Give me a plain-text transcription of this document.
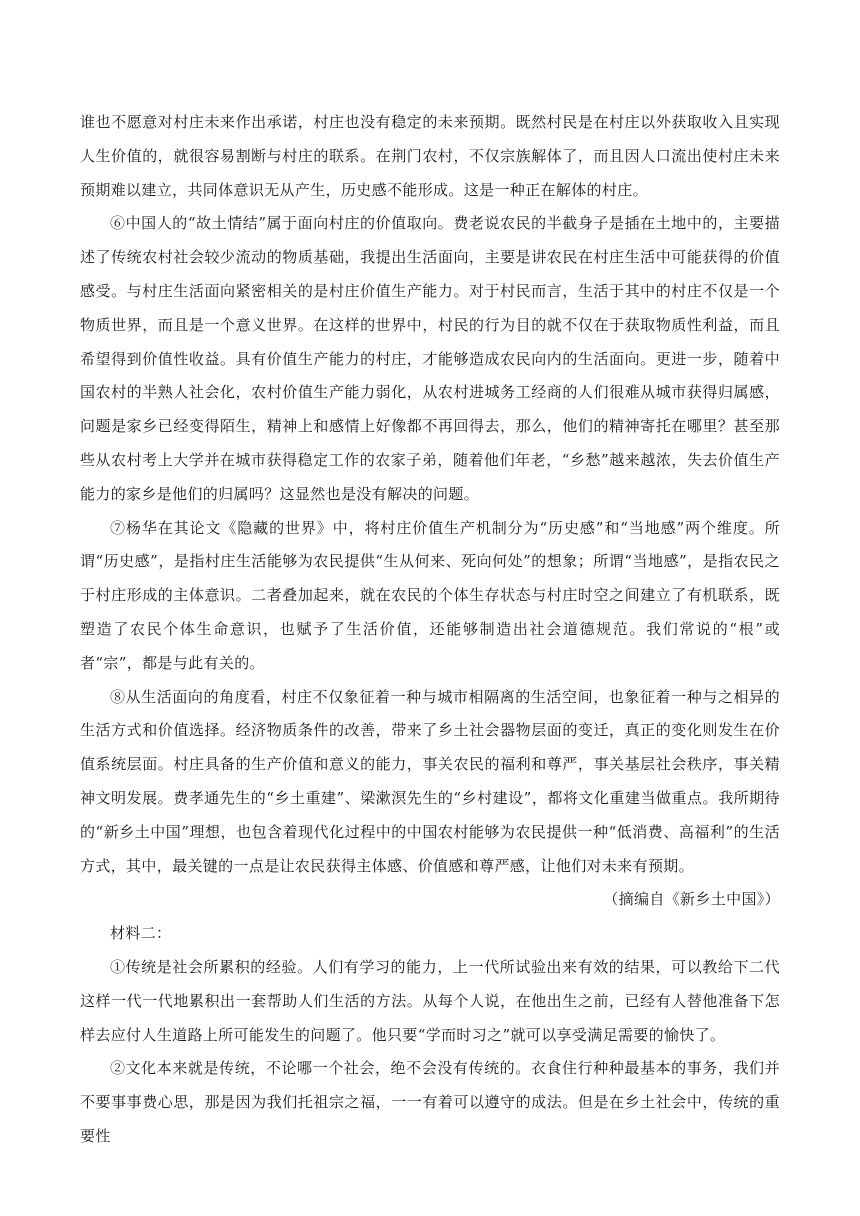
谁也不愿意对村庄未来作出承诺，村庄也没有稳定的未来预期。既然村民是在村庄以外获取收入且实现人生价值的，就很容易割断与村庄的联系。在荆门农村，不仅宗族解体了，而且因人口流出使村庄未来预期难以建立，共同体意识无从产生，历史感不能形成。这是一种正在解体的村庄。

⑥中国人的“故土情结”属于面向村庄的价值取向。费老说农民的半截身子是插在土地中的，主要描述了传统农村社会较少流动的物质基础，我提出生活面向，主要是讲农民在村庄生活中可能获得的价值感受。与村庄生活面向紧密相关的是村庄价值生产能力。对于村民而言，生活于其中的村庄不仅是一个物质世界，而且是一个意义世界。在这样的世界中，村民的行为目的就不仅在于获取物质性利益，而且希望得到价值性收益。具有价值生产能力的村庄，才能够造成农民向内的生活面向。更进一步，随着中国农村的半熟人社会化，农村价值生产能力弱化，从农村进城务工经商的人们很难从城市获得归属感，问题是家乡已经变得陌生，精神上和感情上好像都不再回得去，那么，他们的精神寄托在哪里？甚至那些从农村考上大学并在城市获得稳定工作的农家子弟，随着他们年老，“乡愁”越来越浓，失去价值生产能力的家乡是他们的归属吗？这显然也是没有解决的问题。

⑦杨华在其论文《隐藏的世界》中，将村庄价值生产机制分为“历史感”和“当地感”两个维度。所谓“历史感”，是指村庄生活能够为农民提供“生从何来、死向何处”的想象；所谓“当地感”，是指农民之于村庄形成的主体意识。二者叠加起来，就在农民的个体生存状态与村庄时空之间建立了有机联系，既塑造了农民个体生命意识，也赋予了生活价值，还能够制造出社会道德规范。我们常说的“根”或者“宗”，都是与此有关的。

⑧从生活面向的角度看，村庄不仅象征着一种与城市相隔离的生活空间，也象征着一种与之相异的生活方式和价值选择。经济物质条件的改善，带来了乡土社会器物层面的变迁，真正的变化则发生在价值系统层面。村庄具备的生产价值和意义的能力，事关农民的福利和尊严，事关基层社会秩序，事关精神文明发展。费孝通先生的“乡土重建”、梁漱溟先生的“乡村建设”，都将文化重建当做重点。我所期待的“新乡土中国”理想，也包含着现代化过程中的中国农村能够为农民提供一种“低消费、高福利”的生活方式，其中，最关键的一点是让农民获得主体感、价值感和尊严感，让他们对未来有预期。

（摘编自《新乡土中国》）

材料二：

①传统是社会所累积的经验。人们有学习的能力，上一代所试验出来有效的结果，可以教给下二代这样一代一代地累积出一套帮助人们生活的方法。从每个人说，在他出生之前，已经有人替他准备下怎样去应付人生道路上所可能发生的问题了。他只要“学而时习之”就可以享受满足需要的愉快了。

②文化本来就是传统，不论哪一个社会，绝不会没有传统的。衣食住行种种最基本的事务，我们并不要事事费心思，那是因为我们托祖宗之福，一一有着可以遵守的成法。但是在乡土社会中，传统的重要性
